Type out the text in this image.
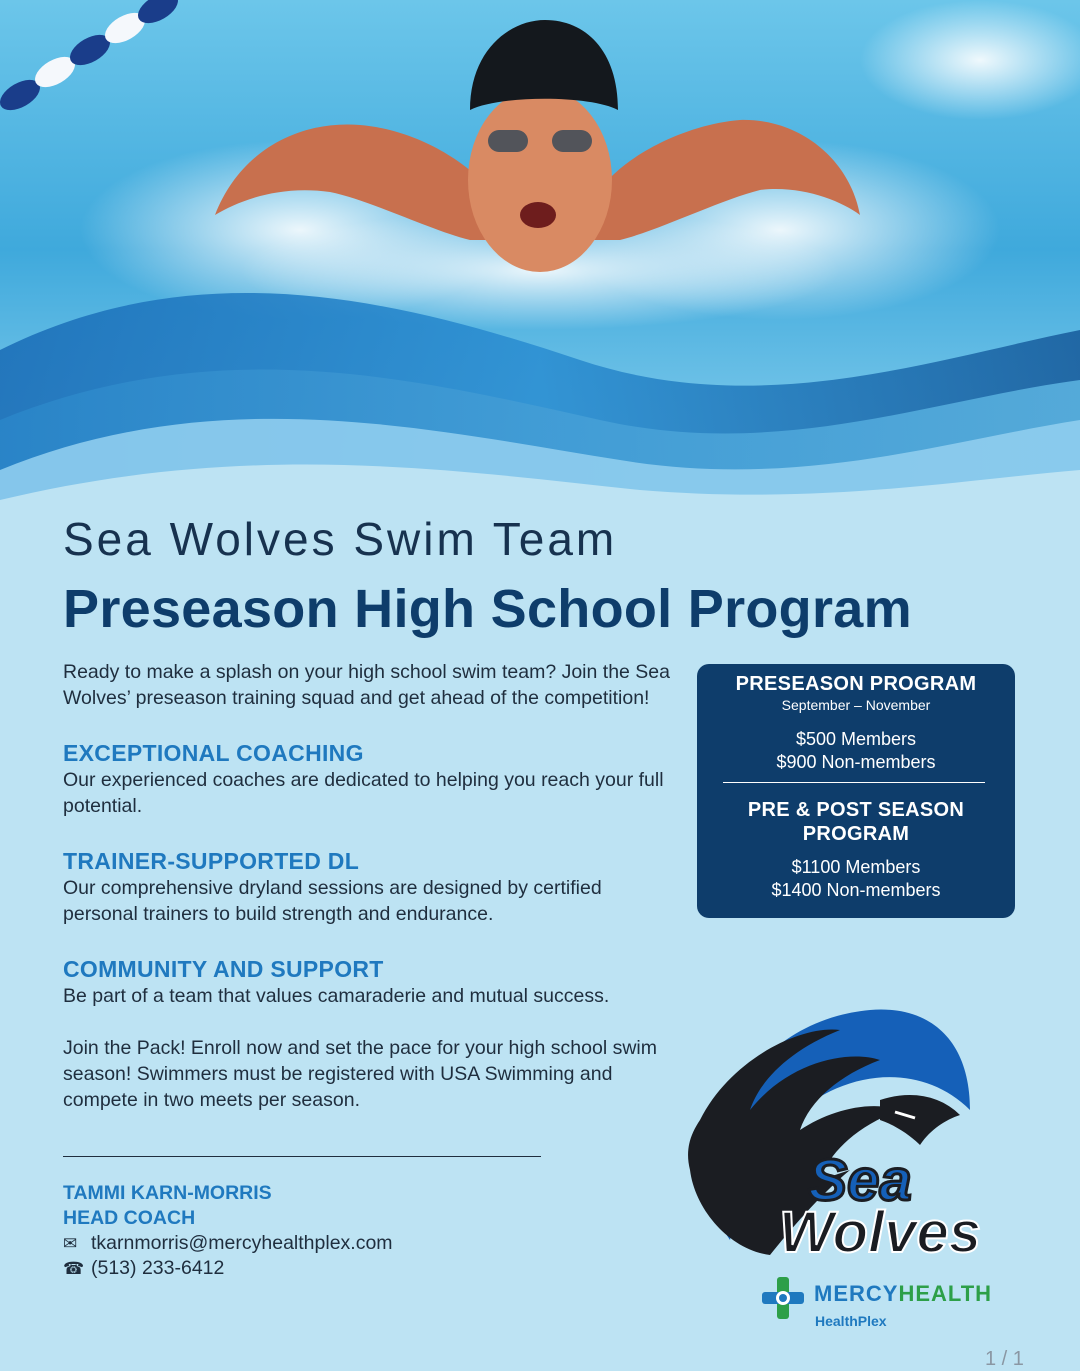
Sea Wolves Swim Team
Preseason High School Program

Ready to make a splash on your high school swim team? Join the Sea Wolves’ preseason training squad and get ahead of the competition!

EXCEPTIONAL COACHING

Our experienced coaches are dedicated to helping you reach your full potential.

TRAINER-SUPPORTED DL

Our comprehensive dryland sessions are designed by certified personal trainers to build strength and endurance.

COMMUNITY AND SUPPORT

Be part of a team that values camaraderie and mutual success.

Join the Pack! Enroll now and set the pace for your high school swim season! Swimmers must be registered with USA Swimming and compete in two meets per season.

TAMMI KARN-MORRIS
HEAD COACH
✉ tkarnmorris@mercyhealthplex.com
☎ (513) 233-6412
PRESEASON PROGRAM
September – November
$500 Members
$900 Non-members
PRE & POST SEASON
PROGRAM
$1100 Members
$1400 Non-members
Sea
Wolves
MERCYHEALTH
HealthPlex
1 / 1
